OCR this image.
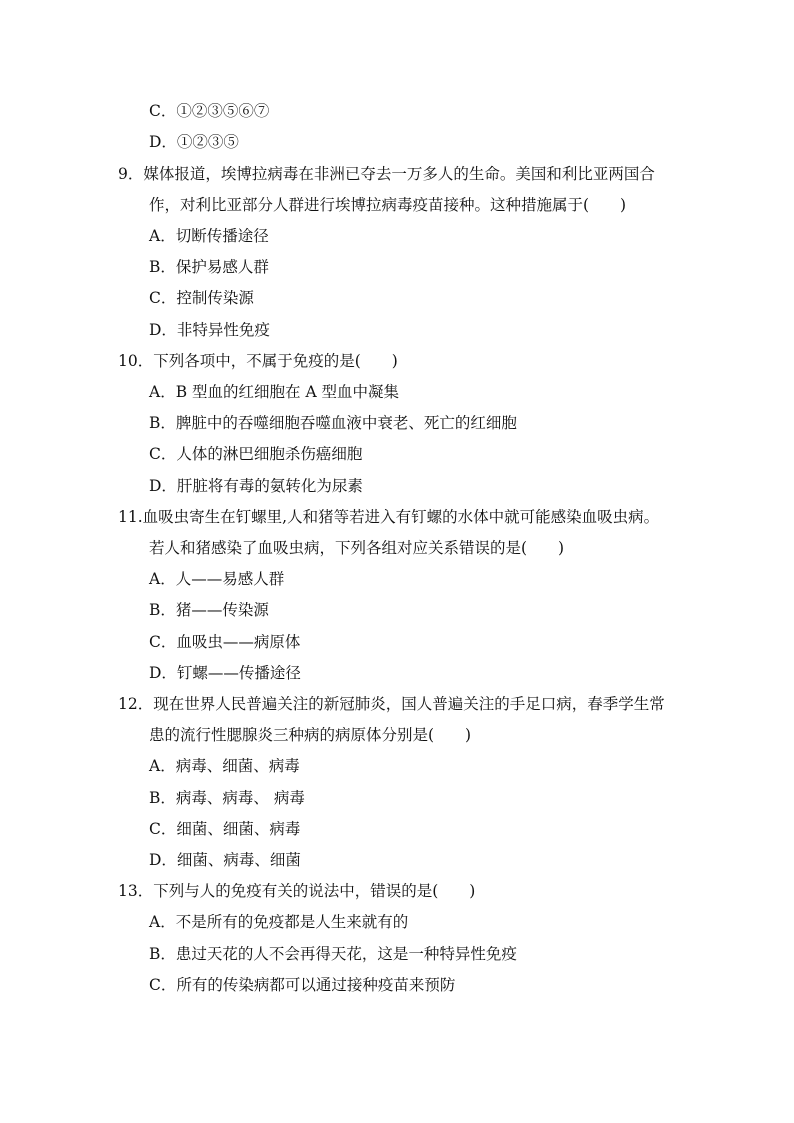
C．①②③⑤⑥⑦
D．①②③⑤
9．媒体报道，埃博拉病毒在非洲已夺去一万多人的生命。美国和利比亚两国合
作，对利比亚部分人群进行埃博拉病毒疫苗接种。这种措施属于(　　)
A．切断传播途径
B．保护易感人群
C．控制传染源
D．非特异性免疫
10．下列各项中，不属于免疫的是(　　)
A．B 型血的红细胞在 A 型血中凝集
B．脾脏中的吞噬细胞吞噬血液中衰老、死亡的红细胞
C．人体的淋巴细胞杀伤癌细胞
D．肝脏将有毒的氨转化为尿素
11.血吸虫寄生在钉螺里,人和猪等若进入有钉螺的水体中就可能感染血吸虫病。
若人和猪感染了血吸虫病，下列各组对应关系错误的是(　　)
A．人——易感人群
B．猪——传染源
C．血吸虫——病原体
D．钉螺——传播途径
12．现在世界人民普遍关注的新冠肺炎，国人普遍关注的手足口病，春季学生常
患的流行性腮腺炎三种病的病原体分别是(　　)
A．病毒、细菌、病毒
B．病毒、病毒、 病毒
C．细菌、细菌、病毒
D．细菌、病毒、细菌
13．下列与人的免疫有关的说法中，错误的是(　　)
A．不是所有的免疫都是人生来就有的
B．患过天花的人不会再得天花，这是一种特异性免疫
C．所有的传染病都可以通过接种疫苗来预防
